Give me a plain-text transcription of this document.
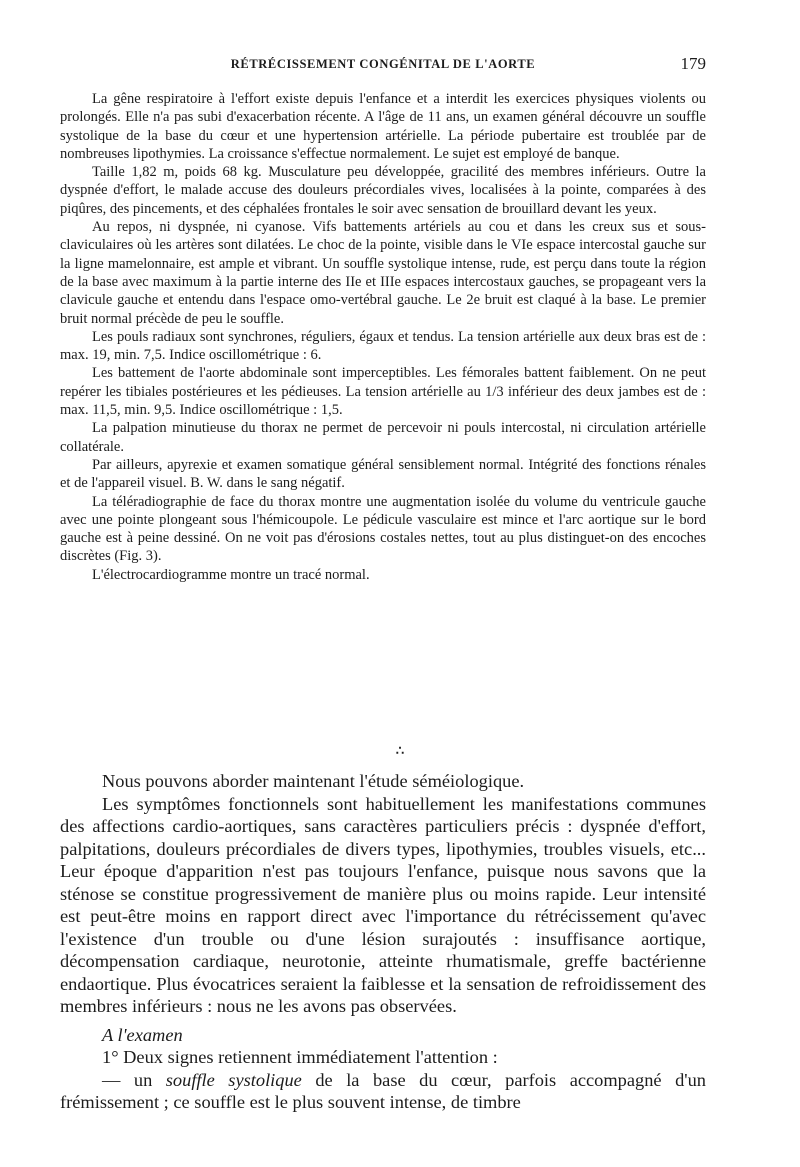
RÉTRÉCISSEMENT CONGÉNITAL DE L'AORTE	179

La gêne respiratoire à l'effort existe depuis l'enfance et a interdit les exercices physiques violents ou prolongés. Elle n'a pas subi d'exacerbation récente. A l'âge de 11 ans, un examen général découvre un souffle systolique de la base du cœur et une hypertension artérielle. La période pubertaire est troublée par de nombreuses lipothymies. La croissance s'effectue normalement. Le sujet est employé de banque.

Taille 1,82 m, poids 68 kg. Musculature peu développée, gracilité des membres inférieurs. Outre la dyspnée d'effort, le malade accuse des douleurs précordiales vives, localisées à la pointe, comparées à des piqûres, des pincements, et des céphalées frontales le soir avec sensation de brouillard devant les yeux.

Au repos, ni dyspnée, ni cyanose. Vifs battements artériels au cou et dans les creux sus et sous-claviculaires où les artères sont dilatées. Le choc de la pointe, visible dans le VIe espace intercostal gauche sur la ligne mamelonnaire, est ample et vibrant. Un souffle systolique intense, rude, est perçu dans toute la région de la base avec maximum à la partie interne des IIe et IIIe espaces intercostaux gauches, se propageant vers la clavicule gauche et entendu dans l'espace omo-vertébral gauche. Le 2e bruit est claqué à la base. Le premier bruit normal précède de peu le souffle.

Les pouls radiaux sont synchrones, réguliers, égaux et tendus. La tension artérielle aux deux bras est de : max. 19, min. 7,5. Indice oscillométrique : 6.

Les battement de l'aorte abdominale sont imperceptibles. Les fémorales battent faiblement. On ne peut repérer les tibiales postérieures et les pédieuses. La tension artérielle au 1/3 inférieur des deux jambes est de : max. 11,5, min. 9,5. Indice oscillométrique : 1,5.

La palpation minutieuse du thorax ne permet de percevoir ni pouls intercostal, ni circulation artérielle collatérale.

Par ailleurs, apyrexie et examen somatique général sensiblement normal. Intégrité des fonctions rénales et de l'appareil visuel. B. W. dans le sang négatif.

La téléradiographie de face du thorax montre une augmentation isolée du volume du ventricule gauche avec une pointe plongeant sous l'hémicoupole. Le pédicule vasculaire est mince et l'arc aortique sur le bord gauche est à peine dessiné. On ne voit pas d'érosions costales nettes, tout au plus distinguet-on des encoches discrètes (Fig. 3).

L'électrocardiogramme montre un tracé normal.

∴

Nous pouvons aborder maintenant l'étude séméiologique.

Les symptômes fonctionnels sont habituellement les manifestations communes des affections cardio-aortiques, sans caractères particuliers précis : dyspnée d'effort, palpitations, douleurs précordiales de divers types, lipothymies, troubles visuels, etc... Leur époque d'apparition n'est pas toujours l'enfance, puisque nous savons que la sténose se constitue progressivement de manière plus ou moins rapide. Leur intensité est peut-être moins en rapport direct avec l'importance du rétrécissement qu'avec l'existence d'un trouble ou d'une lésion surajoutés : insuffisance aortique, décompensation cardiaque, neurotonie, atteinte rhumatismale, greffe bactérienne endaortique. Plus évocatrices seraient la faiblesse et la sensation de refroidissement des membres inférieurs : nous ne les avons pas observées.

A l'examen

1° Deux signes retiennent immédiatement l'attention :

— un souffle systolique de la base du cœur, parfois accompagné d'un frémissement ; ce souffle est le plus souvent intense, de timbre
